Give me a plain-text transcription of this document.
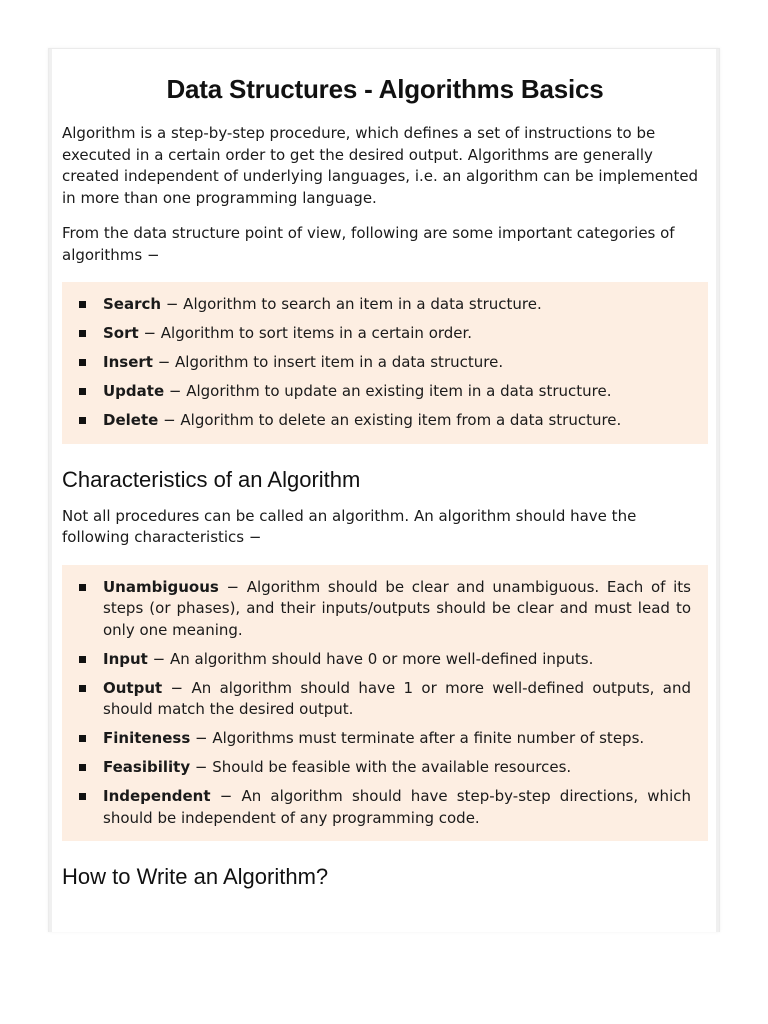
Data Structures - Algorithms Basics

Algorithm is a step-by-step procedure, which defines a set of instructions to be executed in a certain order to get the desired output. Algorithms are generally created independent of underlying languages, i.e. an algorithm can be implemented in more than one programming language.

From the data structure point of view, following are some important categories of algorithms −

Search − Algorithm to search an item in a data structure.
Sort − Algorithm to sort items in a certain order.
Insert − Algorithm to insert item in a data structure.
Update − Algorithm to update an existing item in a data structure.
Delete − Algorithm to delete an existing item from a data structure.
Characteristics of an Algorithm

Not all procedures can be called an algorithm. An algorithm should have the following characteristics −

Unambiguous − Algorithm should be clear and unambiguous. Each of its steps (or phases), and their inputs/outputs should be clear and must lead to only one meaning.
Input − An algorithm should have 0 or more well-defined inputs.
Output − An algorithm should have 1 or more well-defined outputs, and should match the desired output.
Finiteness − Algorithms must terminate after a finite number of steps.
Feasibility − Should be feasible with the available resources.
Independent − An algorithm should have step-by-step directions, which should be independent of any programming code.
How to Write an Algorithm?
